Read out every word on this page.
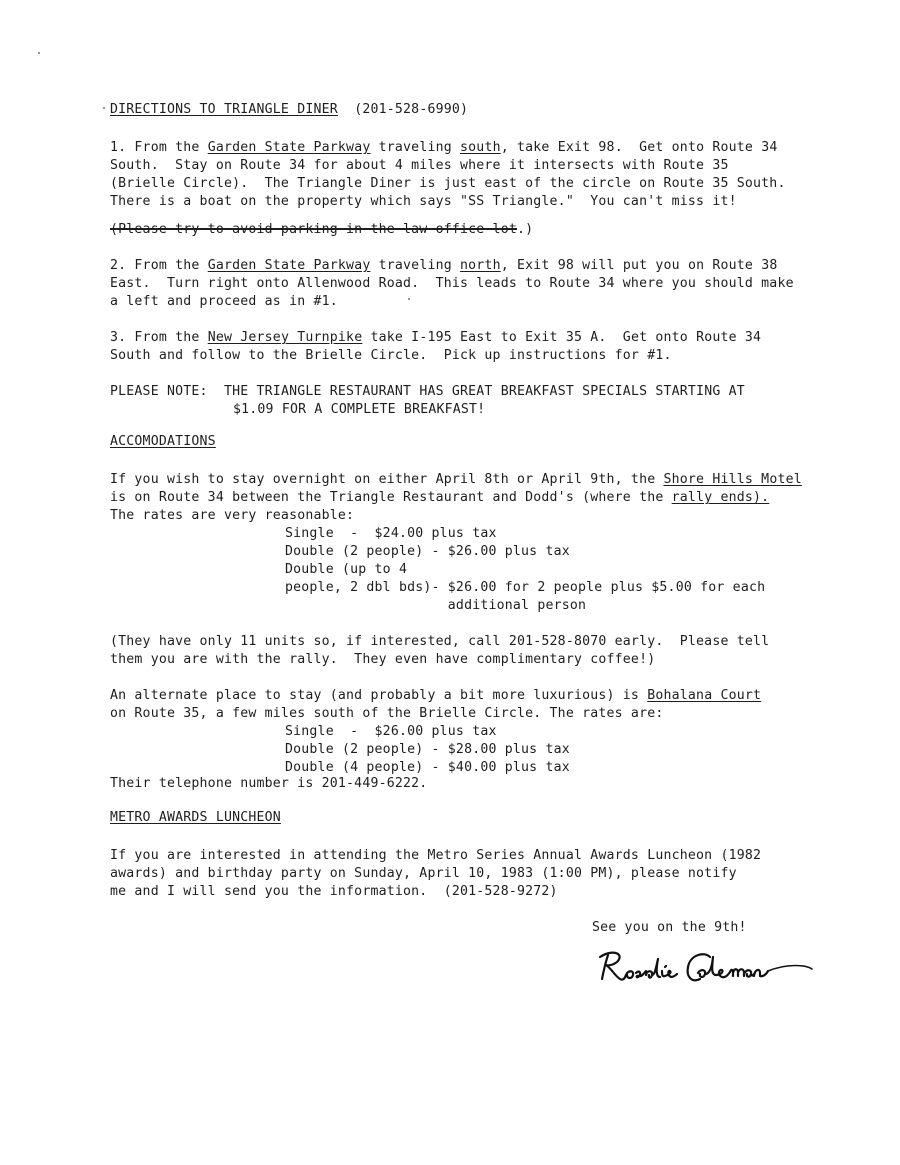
DIRECTIONS TO TRIANGLE DINER (201-528-6990)
1. From the Garden State Parkway traveling south, take Exit 98.  Get onto Route 34
South.  Stay on Route 34 for about 4 miles where it intersects with Route 35
(Brielle Circle).  The Triangle Diner is just east of the circle on Route 35 South.
There is a boat on the property which says "SS Triangle."  You can't miss it!
(Please try to avoid parking in the law office lot.)
2. From the Garden State Parkway traveling north, Exit 98 will put you on Route 38
East.  Turn right onto Allenwood Road.  This leads to Route 34 where you should make
a left and proceed as in #1.
3. From the New Jersey Turnpike take I-195 East to Exit 35 A.  Get onto Route 34
South and follow to the Brielle Circle.  Pick up instructions for #1.
PLEASE NOTE: THE TRIANGLE RESTAURANT HAS GREAT BREAKFAST SPECIALS STARTING AT
$1.09 FOR A COMPLETE BREAKFAST!
ACCOMODATIONS
If you wish to stay overnight on either April 8th or April 9th, the Shore Hills Motel
is on Route 34 between the Triangle Restaurant and Dodd's (where the rally ends).
The rates are very reasonable:
Single  -  $24.00 plus tax
Double (2 people) - $26.00 plus tax
Double (up to 4
people, 2 dbl bds)- $26.00 for 2 people plus $5.00 for each
additional person
(They have only 11 units so, if interested, call 201-528-8070 early.  Please tell
them you are with the rally.  They even have complimentary coffee!)
An alternate place to stay (and probably a bit more luxurious) is Bohalana Court
on Route 35, a few miles south of the Brielle Circle. The rates are:
Single  -  $26.00 plus tax
Double (2 people) - $28.00 plus tax
Double (4 people) - $40.00 plus tax
Their telephone number is 201-449-6222.
METRO AWARDS LUNCHEON
If you are interested in attending the Metro Series Annual Awards Luncheon (1982
awards) and birthday party on Sunday, April 10, 1983 (1:00 PM), please notify
me and I will send you the information.  (201-528-9272)
See you on the 9th!
